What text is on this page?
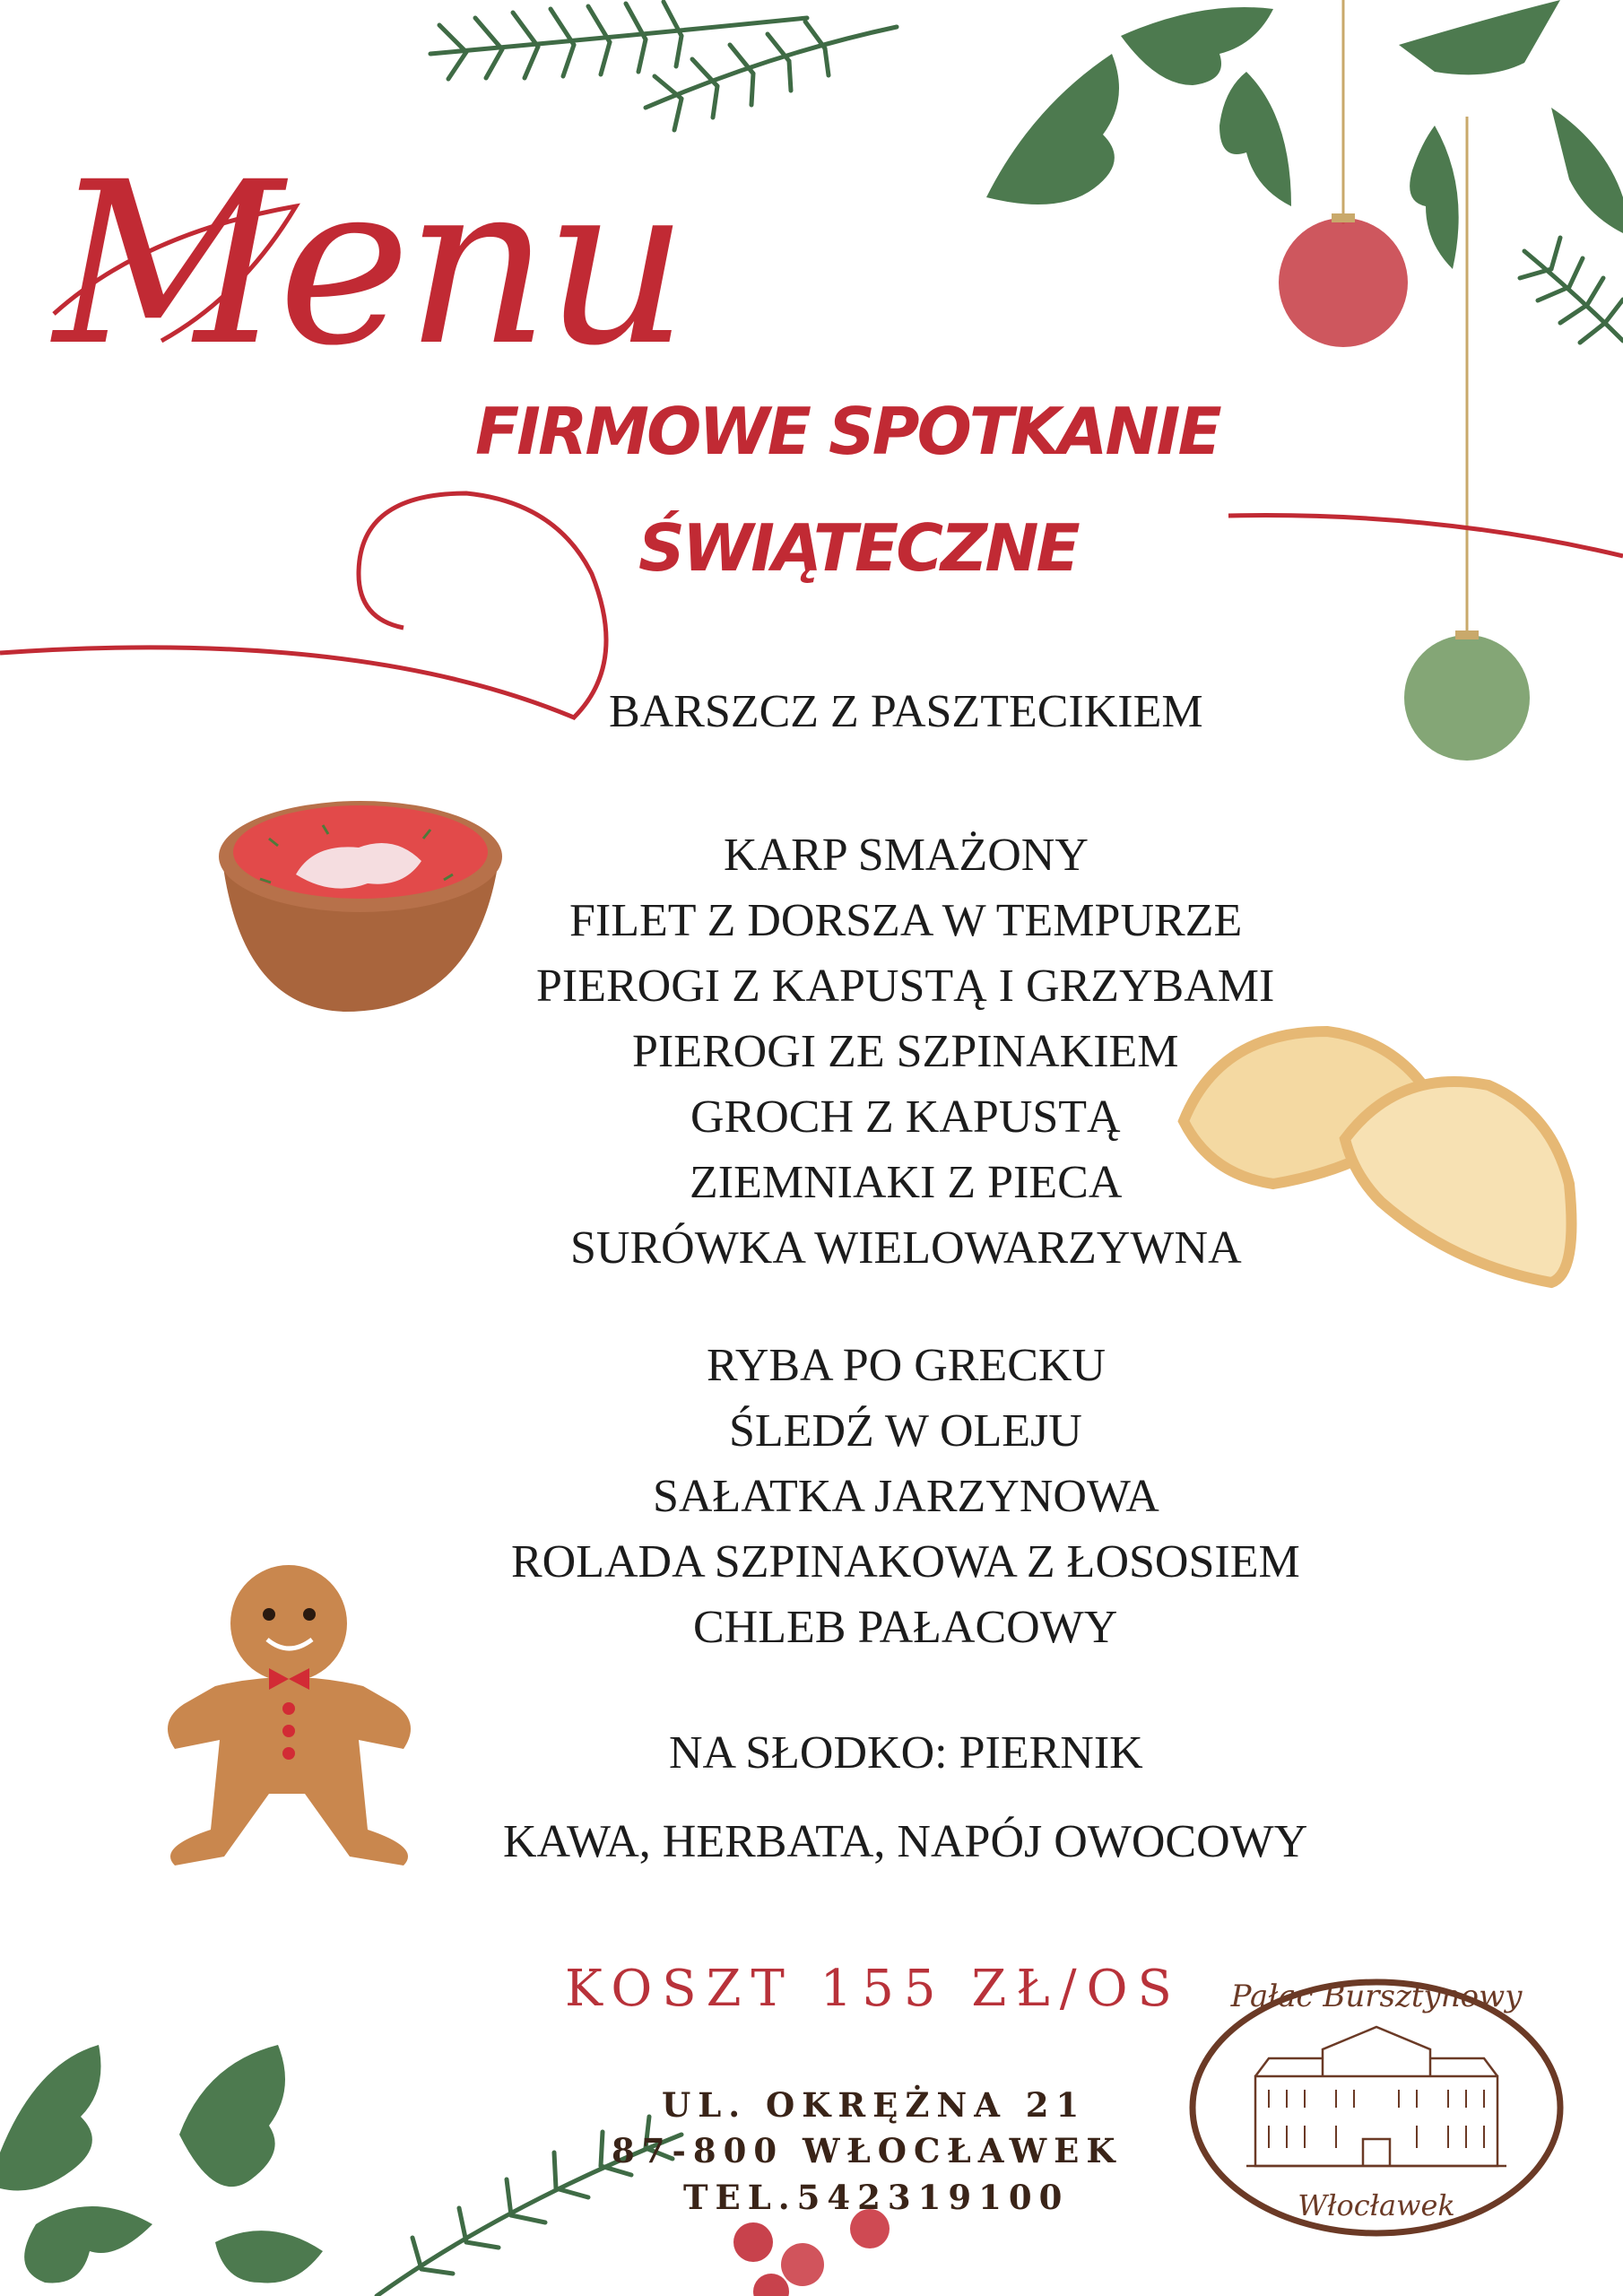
Menu
FIRMOWE SPOTKANIE
ŚWIĄTECZNE
BARSZCZ Z PASZTECIKIEM
KARP SMAŻONY
FILET Z DORSZA W TEMPURZE
PIEROGI Z KAPUSTĄ I GRZYBAMI
PIEROGI ZE SZPINAKIEM
GROCH Z KAPUSTĄ
ZIEMNIAKI Z PIECA
SURÓWKA WIELOWARZYWNA
RYBA PO GRECKU
ŚLEDŹ W OLEJU
SAŁATKA JARZYNOWA
ROLADA SZPINAKOWA Z ŁOSOSIEM
CHLEB PAŁACOWY
NA SŁODKO: PIERNIK
KAWA, HERBATA, NAPÓJ OWOCOWY
KOSZT 155 ZŁ/OS
UL. OKRĘŻNA 21
87-800 WŁOCŁAWEK
TEL.542319100
Pałac Bursztynowy
Włocławek
